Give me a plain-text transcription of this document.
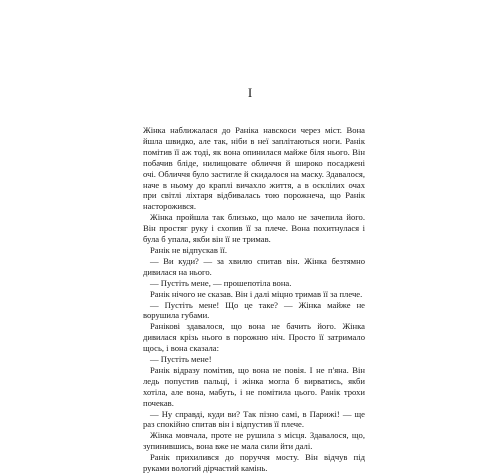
I

Жінка наближалася до Раніка навскоси через міст. Вона йшла швидко, але так, ніби в неї заплітаються ноги. Ранік помітив її аж тоді, як вона опинилася майже біля нього. Він побачив бліде, нилищовате обличчя й широко посаджені очі. Обличчя було застигле й скидалося на маску. Здавалося, наче в ньому до краплі вичахло життя, а в осклілих очах при світлі ліхтаря відбивалась тою порожнеча, що Ранік насторожився.

Жінка пройшла так близько, що мало не зачепила його. Він простяг руку і схопив її за плече. Вона похитнулася і була б упала, якби він її не тримав.

Ранік не відпускав її.

— Ви куди? — за хвилю спитав він. Жінка безтямно дивилася на нього.

— Пустіть мене, — прошепотіла вона.

Ранік нічого не сказав. Він і далі міцно тримав її за плече.

— Пустіть мене! Що це таке? — Жінка майже не ворушила губами.

Ранікові здавалося, що вона не бачить його. Жінка дивилася крізь нього в порожню ніч. Просто її затримало щось, і вона сказала:

— Пустіть мене!

Ранік відразу помітив, що вона не повія. І не п'яна. Він ледь попустив пальці, і жінка могла б вирватись, якби хотіла, але вона, мабуть, і не помітила цього. Ранік трохи почекав.

— Ну справді, куди ви? Так пізно самі, в Парижі! — ще раз спокійно спитав він і відпустив її плече.

Жінка мовчала, проте не рушила з місця. Здавалося, що, зупинившись, вона вже не мала сили йти далі.

Ранік прихилився до поруччя мосту. Він відчув під руками вологий дірчастий камінь.
